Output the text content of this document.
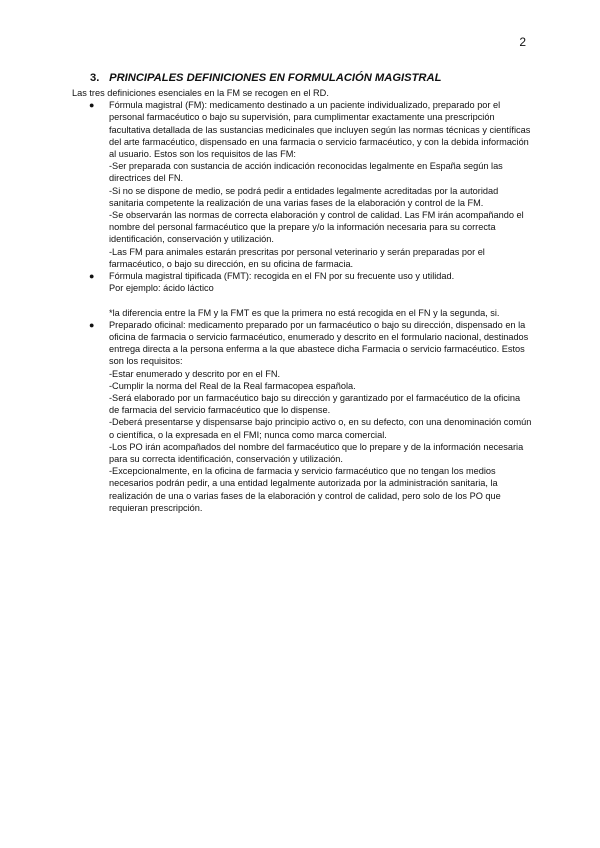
2
3. PRINCIPALES DEFINICIONES EN FORMULACIÓN MAGISTRAL

Las tres definiciones esenciales en la FM se recogen en el RD.

● Fórmula magistral (FM): medicamento destinado a un paciente individualizado, preparado por el personal farmacéutico o bajo su supervisión, para cumplimentar exactamente una prescripción facultativa detallada de las sustancias medicinales que incluyen según las normas técnicas y científicas del arte farmacéutico, dispensado en una farmacia o servicio farmacéutico, y con la debida información al usuario. Estos son los requisitos de las FM:

-Ser preparada con sustancia de acción indicación reconocidas legalmente en España según las directrices del FN.

-Si no se dispone de medio, se podrá pedir a entidades legalmente acreditadas por la autoridad sanitaria competente la realización de una varias fases de la elaboración y control de la FM.

-Se observarán las normas de correcta elaboración y control de calidad. Las FM irán acompañando el nombre del personal farmacéutico que la prepare y/o la información necesaria para su correcta identificación, conservación y utilización.

-Las FM para animales estarán prescritas por personal veterinario y serán preparadas por el farmacéutico, o bajo su dirección, en su oficina de farmacia.

● Fórmula magistral tipificada (FMT): recogida en el FN por su frecuente uso y utilidad.

Por ejemplo: ácido láctico

*la diferencia entre la FM y la FMT es que la primera no está recogida en el FN y la segunda, si.

● Preparado oficinal: medicamento preparado por un farmacéutico o bajo su dirección, dispensado en la oficina de farmacia o servicio farmacéutico, enumerado y descrito en el formulario nacional, destinados entrega directa a la persona enferma a la que abastece dicha Farmacia o servicio farmacéutico. Estos son los requisitos:

-Estar enumerado y descrito por en el FN.

-Cumplir la norma del Real de la Real farmacopea española.

-Será elaborado por un farmacéutico bajo su dirección y garantizado por el farmacéutico de la oficina de farmacia del servicio farmacéutico que lo dispense.

-Deberá presentarse y dispensarse bajo principio activo o, en su defecto, con una denominación común o científica, o la expresada en el FMI; nunca como marca comercial.

-Los PO irán acompañados del nombre del farmacéutico que lo prepare y de la información necesaria para su correcta identificación, conservación y utilización.

-Excepcionalmente, en la oficina de farmacia y servicio farmacéutico que no tengan los medios necesarios podrán pedir, a una entidad legalmente autorizada por la administración sanitaria, la realización de una o varias fases de la elaboración y control de calidad, pero solo de los PO que requieran prescripción.
